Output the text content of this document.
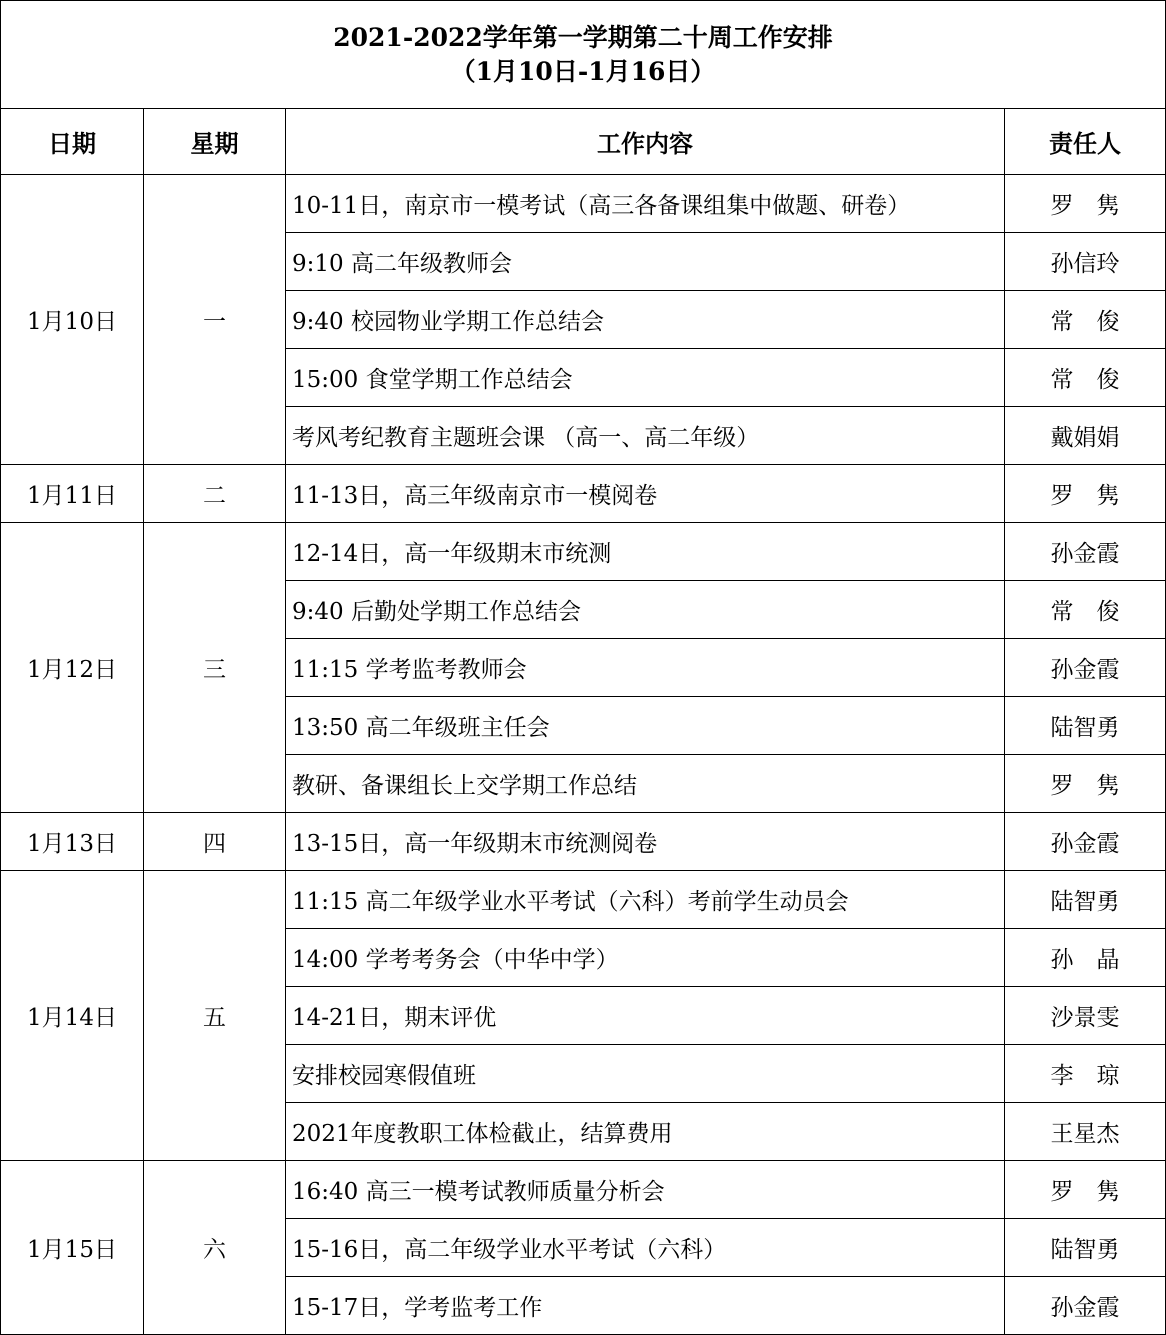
2021-2022学年第一学期第二十周工作安排
（1月10日-1月16日）			

日期	星期	工作内容	责任人
1月10日	一	10-11日，南京市一模考试（高三各备课组集中做题、研卷）	罗　隽
		9:10 高二年级教师会	孙信玲
		9:40 校园物业学期工作总结会	常　俊
		15:00 食堂学期工作总结会	常　俊
		考风考纪教育主题班会课 （高一、高二年级）	戴娟娟
1月11日	二	11-13日，高三年级南京市一模阅卷	罗　隽
1月12日	三	12-14日，高一年级期末市统测	孙金霞
		9:40 后勤处学期工作总结会	常　俊
		11:15 学考监考教师会	孙金霞
		13:50 高二年级班主任会	陆智勇
		教研、备课组长上交学期工作总结	罗　隽
1月13日	四	13-15日，高一年级期末市统测阅卷	孙金霞
1月14日	五	11:15 高二年级学业水平考试（六科）考前学生动员会	陆智勇
		14:00 学考考务会（中华中学）	孙　晶
		14-21日，期末评优	沙景雯
		安排校园寒假值班	李　琼
		2021年度教职工体检截止，结算费用	王星杰
1月15日	六	16:40 高三一模考试教师质量分析会	罗　隽
		15-16日，高二年级学业水平考试（六科）	陆智勇
		15-17日，学考监考工作	孙金霞
